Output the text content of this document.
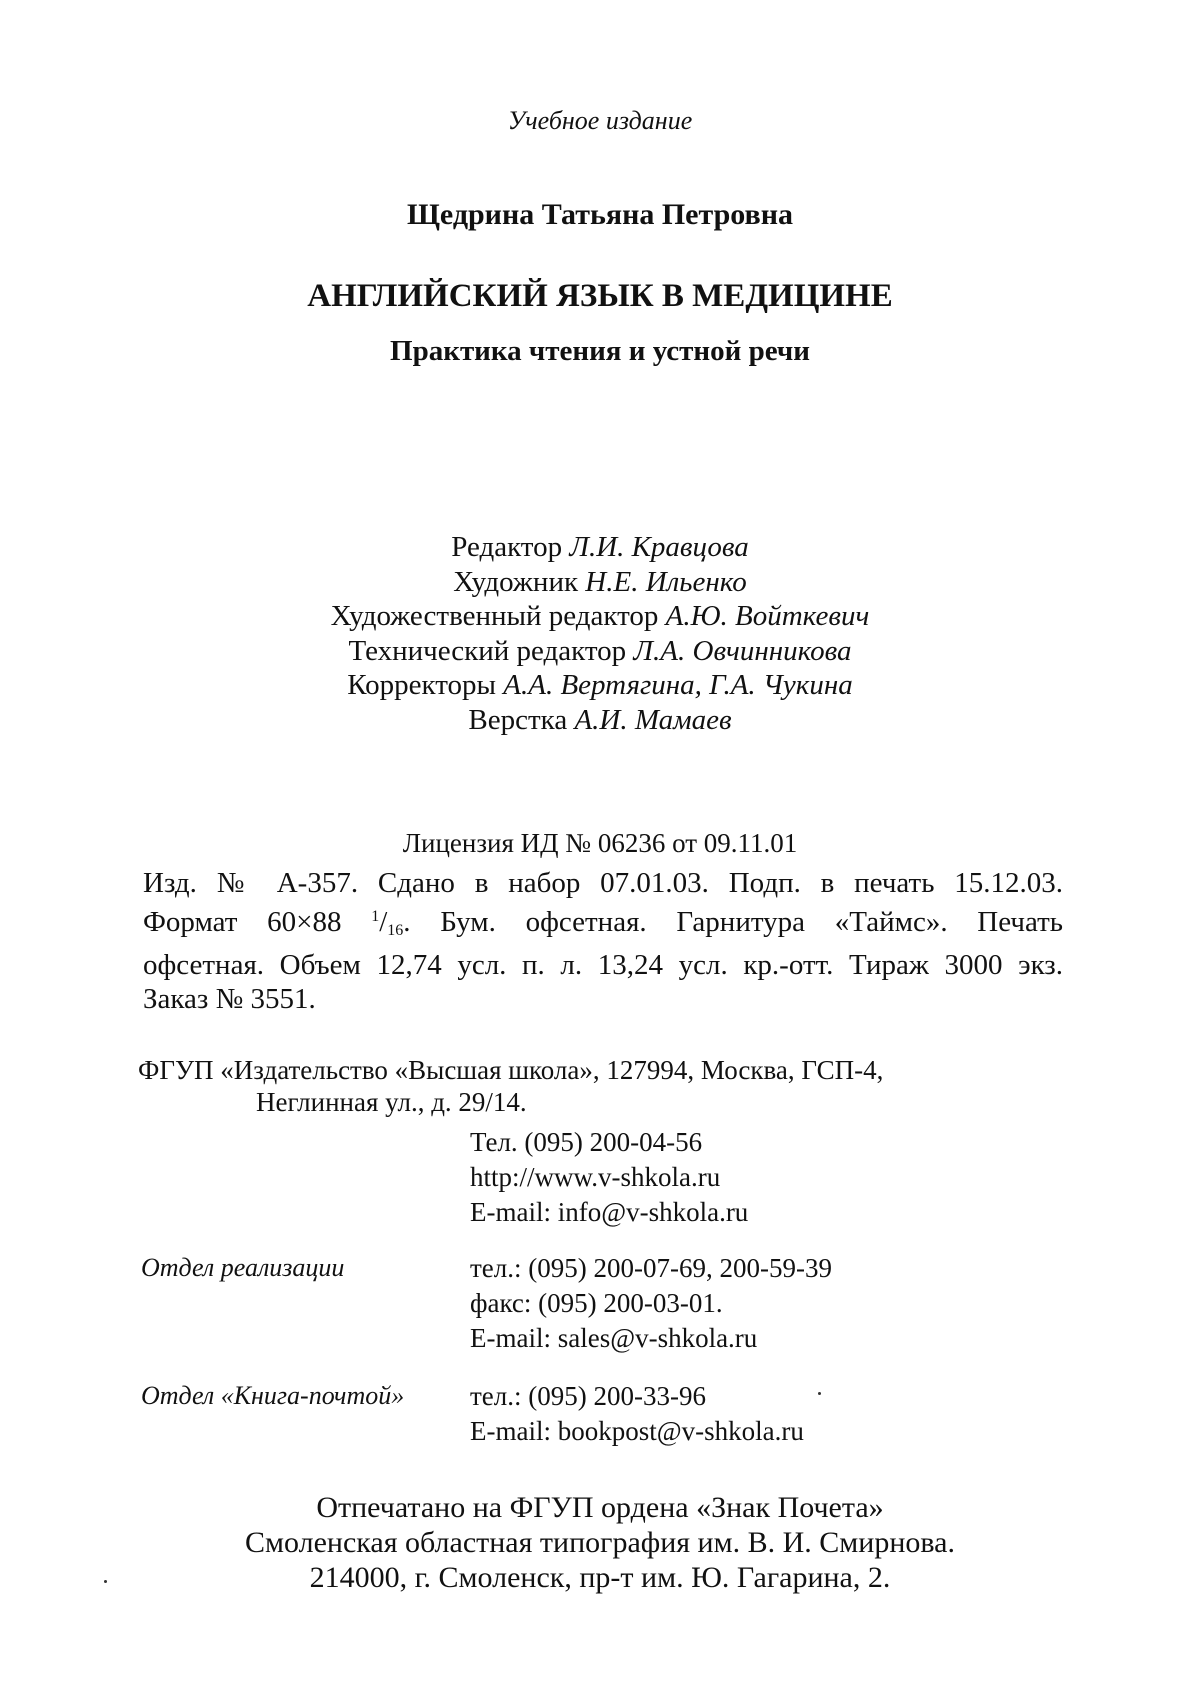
Учебное издание
Щедрина Татьяна Петровна
АНГЛИЙСКИЙ ЯЗЫК В МЕДИЦИНЕ
Практика чтения и устной речи
Редактор Л.И. Кравцова
Художник Н.Е. Ильенко
Художественный редактор А.Ю. Войткевич
Технический редактор Л.А. Овчинникова
Корректоры А.А. Вертягина, Г.А. Чукина
Верстка А.И. Мамаев
Лицензия ИД № 06236 от 09.11.01
Изд. № А-357. Сдано в набор 07.01.03. Подп. в печать 15.12.03.
Формат 60×88 $^1/_{16}$. Бум. офсетная. Гарнитура «Таймс». Печать
офсетная. Объем 12,74 усл. п. л. 13,24 усл. кр.-отт. Тираж 3000 экз.
Заказ № 3551.
ФГУП «Издательство «Высшая школа», 127994, Москва, ГСП-4,
Неглинная ул., д. 29/14.
Тел. (095) 200-04-56
http://www.v-shkola.ru
E-mail: info@v-shkola.ru
Отдел реализации	тел.: (095) 200-07-69, 200-59-39
факс: (095) 200-03-01.
E-mail: sales@v-shkola.ru
Отдел «Книга-почтой» тел.: (095) 200-33-96
E-mail: bookpost@v-shkola.ru
Отпечатано на ФГУП ордена «Знак Почета»
Смоленская областная типография им. В. И. Смирнова.
214000, г. Смоленск, пр-т им. Ю. Гагарина, 2.
